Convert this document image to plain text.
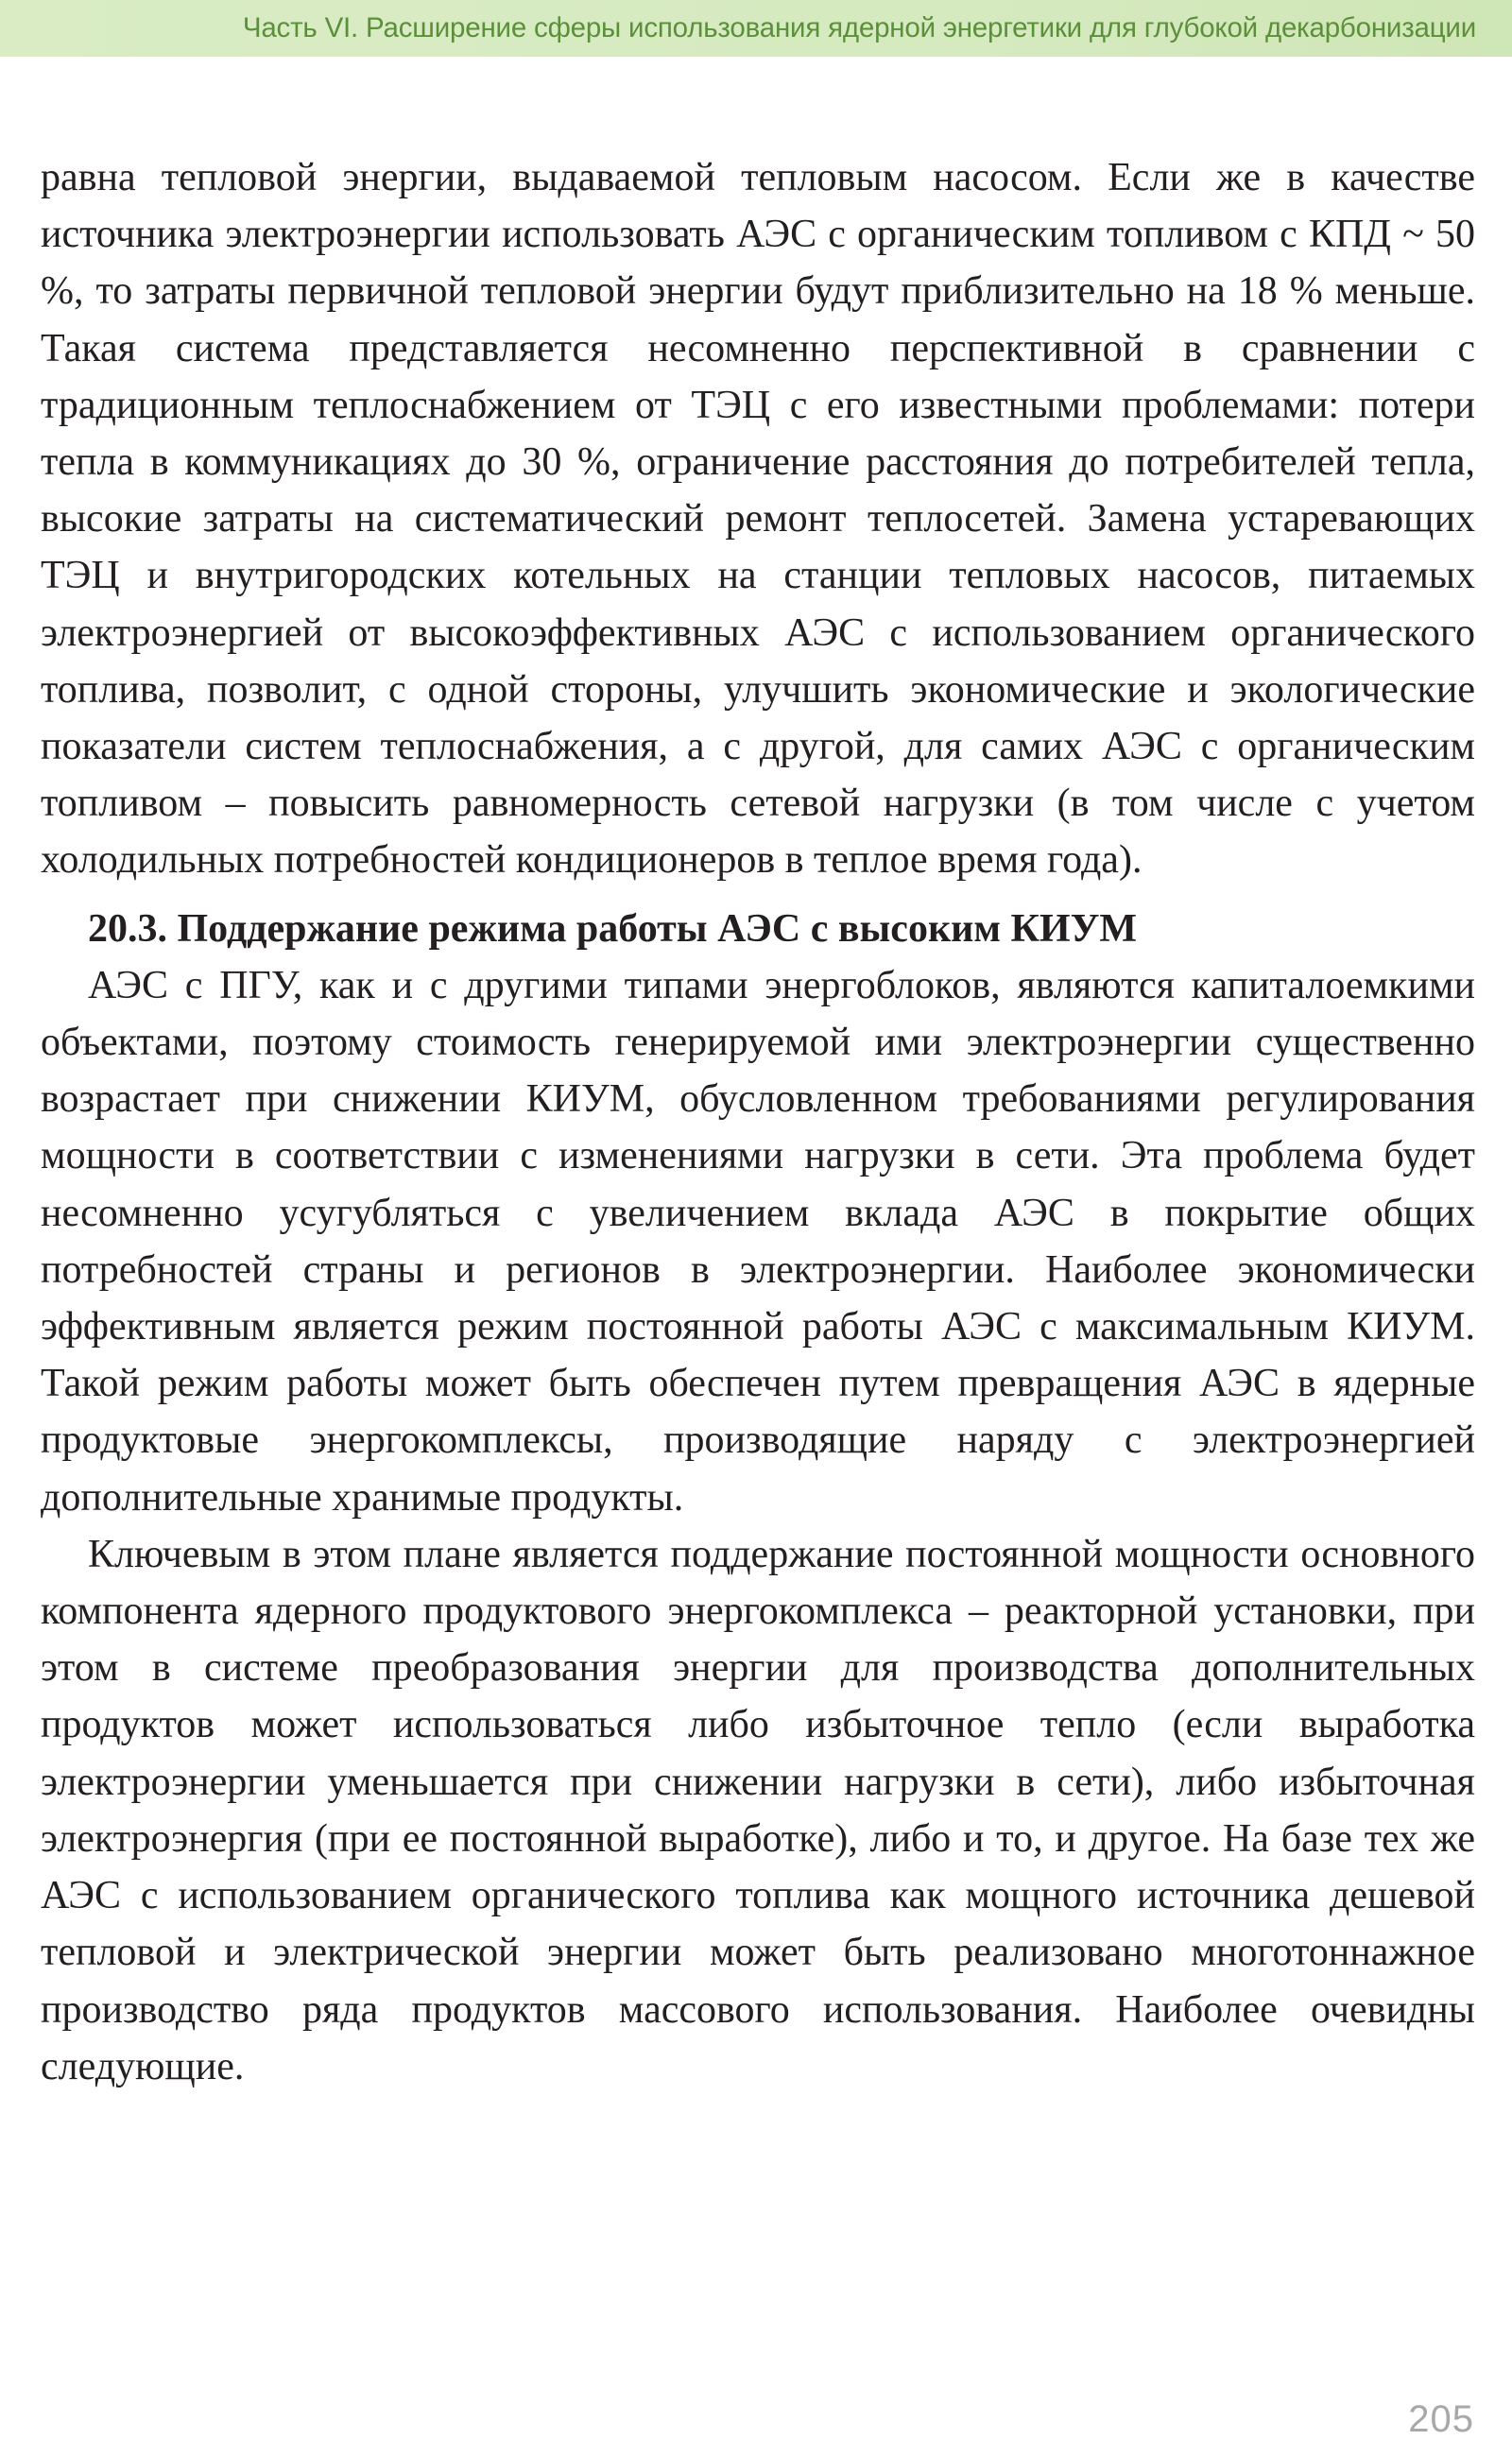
Часть VI. Расширение сферы использования ядерной энергетики для глубокой декарбонизации

равна тепловой энергии, выдаваемой тепловым насосом. Если же в качестве источника электроэнергии использовать АЭС с органическим топливом с КПД ~ 50 %, то затраты первичной тепловой энергии будут приблизительно на 18 % меньше. Такая система представляется несомненно перспективной в сравнении с традиционным теплоснабжением от ТЭЦ с его известными проблемами: потери тепла в коммуникациях до 30 %, ограничение расстояния до потребителей тепла, высокие затраты на систематический ремонт теплосетей. Замена устаревающих ТЭЦ и внутригородских котельных на станции тепловых насосов, питаемых электроэнергией от высокоэффективных АЭС с использованием органического топлива, позволит, с одной стороны, улучшить экономические и экологические показатели систем теплоснабжения, а с другой, для самих АЭС с органическим топливом – повысить равномерность сетевой нагрузки (в том числе с учетом холодильных потребностей кондиционеров в теплое время года).

20.3. Поддержание режима работы АЭС с высоким КИУМ

АЭС с ПГУ, как и с другими типами энергоблоков, являются капиталоемкими объектами, поэтому стоимость генерируемой ими электроэнергии существенно возрастает при снижении КИУМ, обусловленном требованиями регулирования мощности в соответствии с изменениями нагрузки в сети. Эта проблема будет несомненно усугубляться с увеличением вклада АЭС в покрытие общих потребностей страны и регионов в электроэнергии. Наиболее экономически эффективным является режим постоянной работы АЭС с максимальным КИУМ. Такой режим работы может быть обеспечен путем превращения АЭС в ядерные продуктовые энергокомплексы, производящие наряду с электроэнергией дополнительные хранимые продукты.

Ключевым в этом плане является поддержание постоянной мощности основного компонента ядерного продуктового энергокомплекса – реакторной установки, при этом в системе преобразования энергии для производства дополнительных продуктов может использоваться либо избыточное тепло (если выработка электроэнергии уменьшается при снижении нагрузки в сети), либо избыточная электроэнергия (при ее постоянной выработке), либо и то, и другое. На базе тех же АЭС с использованием органического топлива как мощного источника дешевой тепловой и электрической энергии может быть реализовано многотоннажное производство ряда продуктов массового использования. Наиболее очевидны следующие.

205
